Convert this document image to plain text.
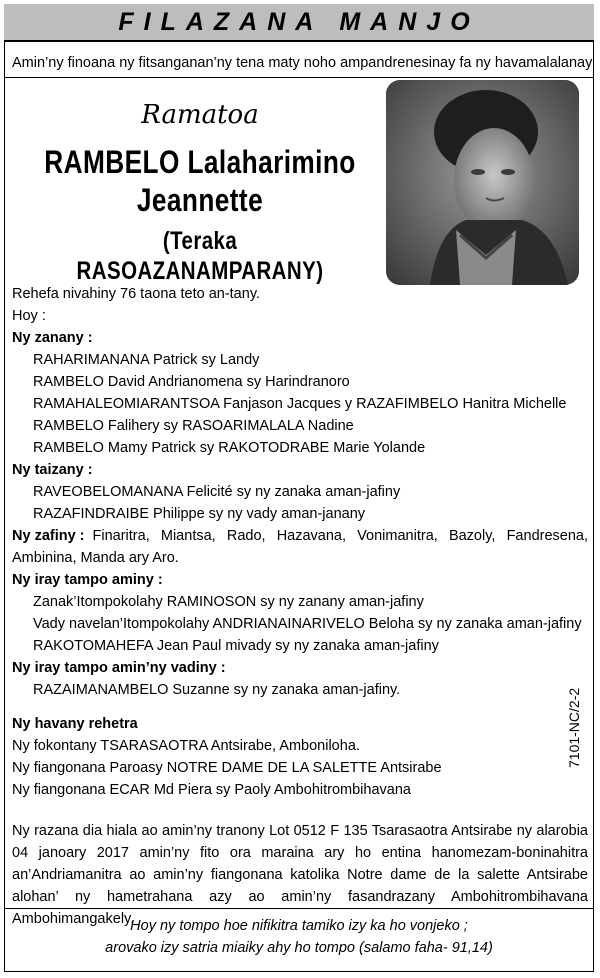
FILAZANA MANJO
Amin’ny finoana ny fitsanganan’ny tena maty noho ampandrenesinay fa ny havamalalanay
Ramatoa
RAMBELO Lalaharimino
Jeannette
(Teraka RASOAZANAMPARANY)
Rehefa nivahiny 76 taona teto an-tany.
Hoy :
Ny zanany :
RAHARIMANANA Patrick sy Landy
RAMBELO David Andrianomena sy Harindranoro
RAMAHALEOMIARANTSOA Fanjason Jacques y RAZAFIMBELO Hanitra Michelle
RAMBELO Falihery sy RASOARIMALALA Nadine
RAMBELO Mamy Patrick sy RAKOTODRABE Marie Yolande
Ny taizany :
RAVEOBELOMANANA Felicité sy ny zanaka aman-jafiny
RAZAFINDRAIBE Philippe sy ny vady aman-janany
Ny zafiny : Finaritra, Miantsa, Rado, Hazavana, Vonimanitra, Bazoly, Fandresena,
Ambinina, Manda ary Aro.
Ny iray tampo aminy :
Zanak’Itompokolahy RAMINOSON sy ny zanany aman-jafiny
Vady navelan’Itompokolahy ANDRIANAINARIVELO Beloha sy ny zanaka aman-jafiny
RAKOTOMAHEFA Jean Paul mivady sy ny zanaka aman-jafiny
Ny iray tampo amin’ny vadiny :
RAZAIMANAMBELO Suzanne sy ny zanaka aman-jafiny.
Ny havany rehetra
Ny fokontany TSARASAOTRA Antsirabe, Amboniloha.
Ny fiangonana Paroasy NOTRE DAME DE LA SALETTE Antsirabe
Ny fiangonana ECAR Md Piera sy Paoly Ambohitrombihavana
7101-NC/2-2
Ny razana dia hiala ao amin’ny tranony Lot 0512 F 135 Tsarasaotra Antsirabe ny alarobia 04 janoary 2017 amin’ny fito ora maraina ary ho entina hanomezam-boninahitra an’Andriamanitra ao amin’ny fiangonana katolika Notre dame de la salette Antsirabe alohan’ ny hametrahana azy ao amin’ny fasandrazany Ambohitrombihavana Ambohimangakely.
Hoy ny tompo hoe nifikitra tamiko izy ka ho vonjeko ;
arovako izy satria miaiky ahy ho tompo (salamo faha- 91,14)
